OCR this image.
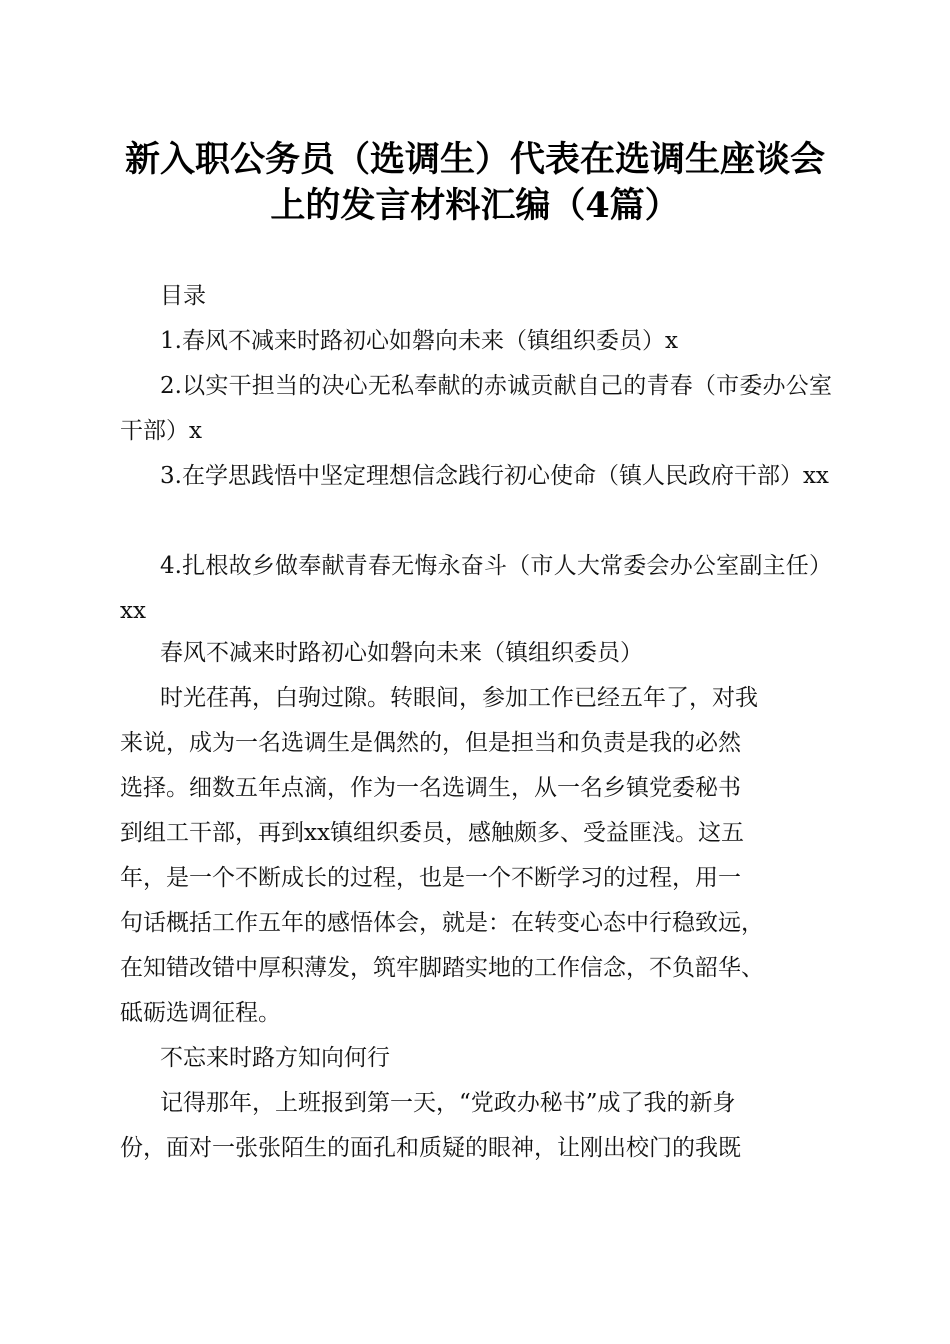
新入职公务员（选调生）代表在选调生座谈会
上的发言材料汇编（4篇）
目录

1.春风不减来时路初心如磐向未来（镇组织委员）x

2.以实干担当的决心无私奉献的赤诚贡献自己的青春（市委办公室干部）x

3.在学思践悟中坚定理想信念践行初心使命（镇人民政府干部）xx

4.扎根故乡做奉献青春无悔永奋斗（市人大常委会办公室副主任）xx

春风不减来时路初心如磐向未来（镇组织委员）
时光荏苒，白驹过隙。转眼间，参加工作已经五年了，对我
来说，成为一名选调生是偶然的，但是担当和负责是我的必然
选择。细数五年点滴，作为一名选调生，从一名乡镇党委秘书
到组工干部，再到xx镇组织委员，感触颇多、受益匪浅。这五
年，是一个不断成长的过程，也是一个不断学习的过程，用一
句话概括工作五年的感悟体会，就是：在转变心态中行稳致远，
在知错改错中厚积薄发，筑牢脚踏实地的工作信念，不负韶华、
砥砺选调征程。
不忘来时路方知向何行
记得那年，上班报到第一天，“党政办秘书”成了我的新身
份，面对一张张陌生的面孔和质疑的眼神，让刚出校门的我既
